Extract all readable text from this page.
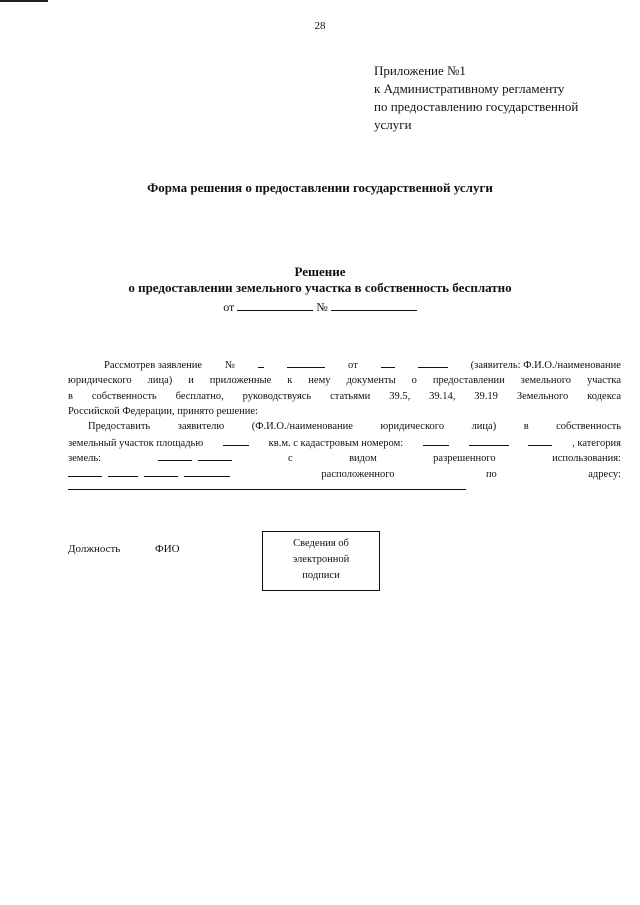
28
Приложение №1
к Административному регламенту
по предоставлению государственной
услуги
Форма решения о предоставлении государственной услуги
Решение
о предоставлении земельного участка в собственность бесплатно
от	№
Рассмотрев заявление №	от	(заявитель: Ф.И.О./наименование
юридического лица) и приложенные к нему документы о предоставлении земельного участка
в собственность бесплатно, руководствуясь статьями 39.5, 39.14, 39.19 Земельного кодекса
Российской Федерации, принято решение:
Предоставить заявителю (Ф.И.О./наименование юридического лица) в собственность
земельный участок площадью	кв.м. с кадастровым номером:	, категория
земель:	с	видом	разрешенного	использования:
расположенного	по	адресу:
Должность	ФИО	Сведения об
электронной
подписи
